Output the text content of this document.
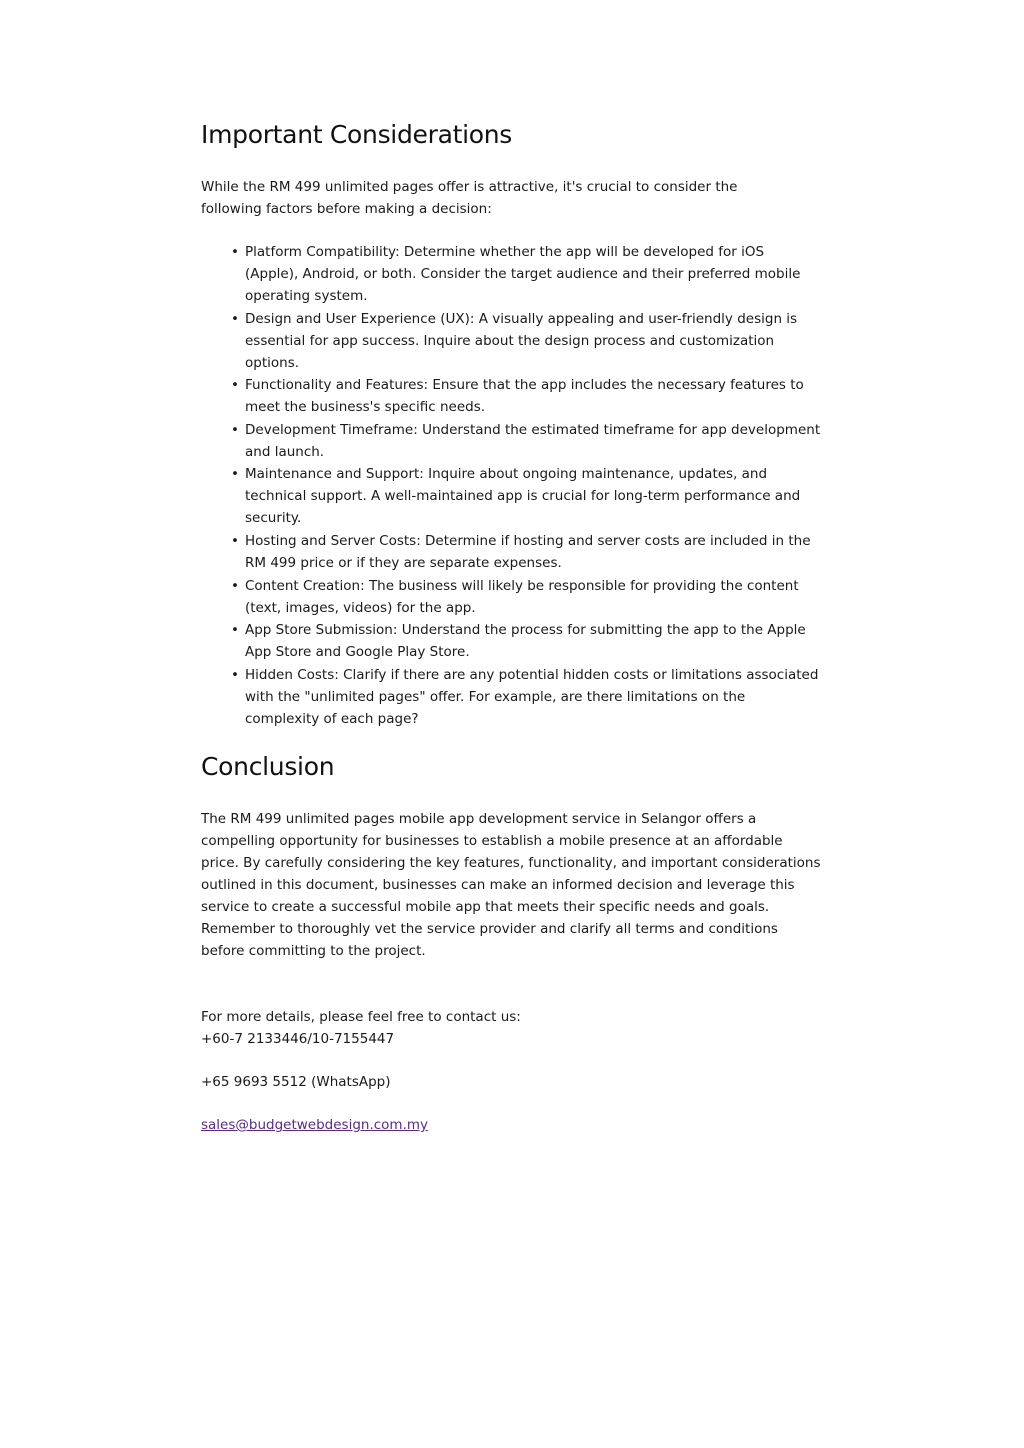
Important Considerations

While the RM 499 unlimited pages offer is attractive, it's crucial to consider the following factors before making a decision:

• Platform Compatibility: Determine whether the app will be developed for iOS (Apple), Android, or both. Consider the target audience and their preferred mobile operating system.
• Design and User Experience (UX): A visually appealing and user-friendly design is essential for app success. Inquire about the design process and customization options.
• Functionality and Features: Ensure that the app includes the necessary features to meet the business's specific needs.
• Development Timeframe: Understand the estimated timeframe for app development and launch.
• Maintenance and Support: Inquire about ongoing maintenance, updates, and technical support. A well-maintained app is crucial for long-term performance and security.
• Hosting and Server Costs: Determine if hosting and server costs are included in the RM 499 price or if they are separate expenses.
• Content Creation: The business will likely be responsible for providing the content (text, images, videos) for the app.
• App Store Submission: Understand the process for submitting the app to the Apple App Store and Google Play Store.
• Hidden Costs: Clarify if there are any potential hidden costs or limitations associated with the "unlimited pages" offer. For example, are there limitations on the complexity of each page?
Conclusion

The RM 499 unlimited pages mobile app development service in Selangor offers a compelling opportunity for businesses to establish a mobile presence at an affordable price. By carefully considering the key features, functionality, and important considerations outlined in this document, businesses can make an informed decision and leverage this service to create a successful mobile app that meets their specific needs and goals. Remember to thoroughly vet the service provider and clarify all terms and conditions before committing to the project.

For more details, please feel free to contact us:

+60-7 2133446/10-7155447

+65 9693 5512 (WhatsApp)

sales@budgetwebdesign.com.my
